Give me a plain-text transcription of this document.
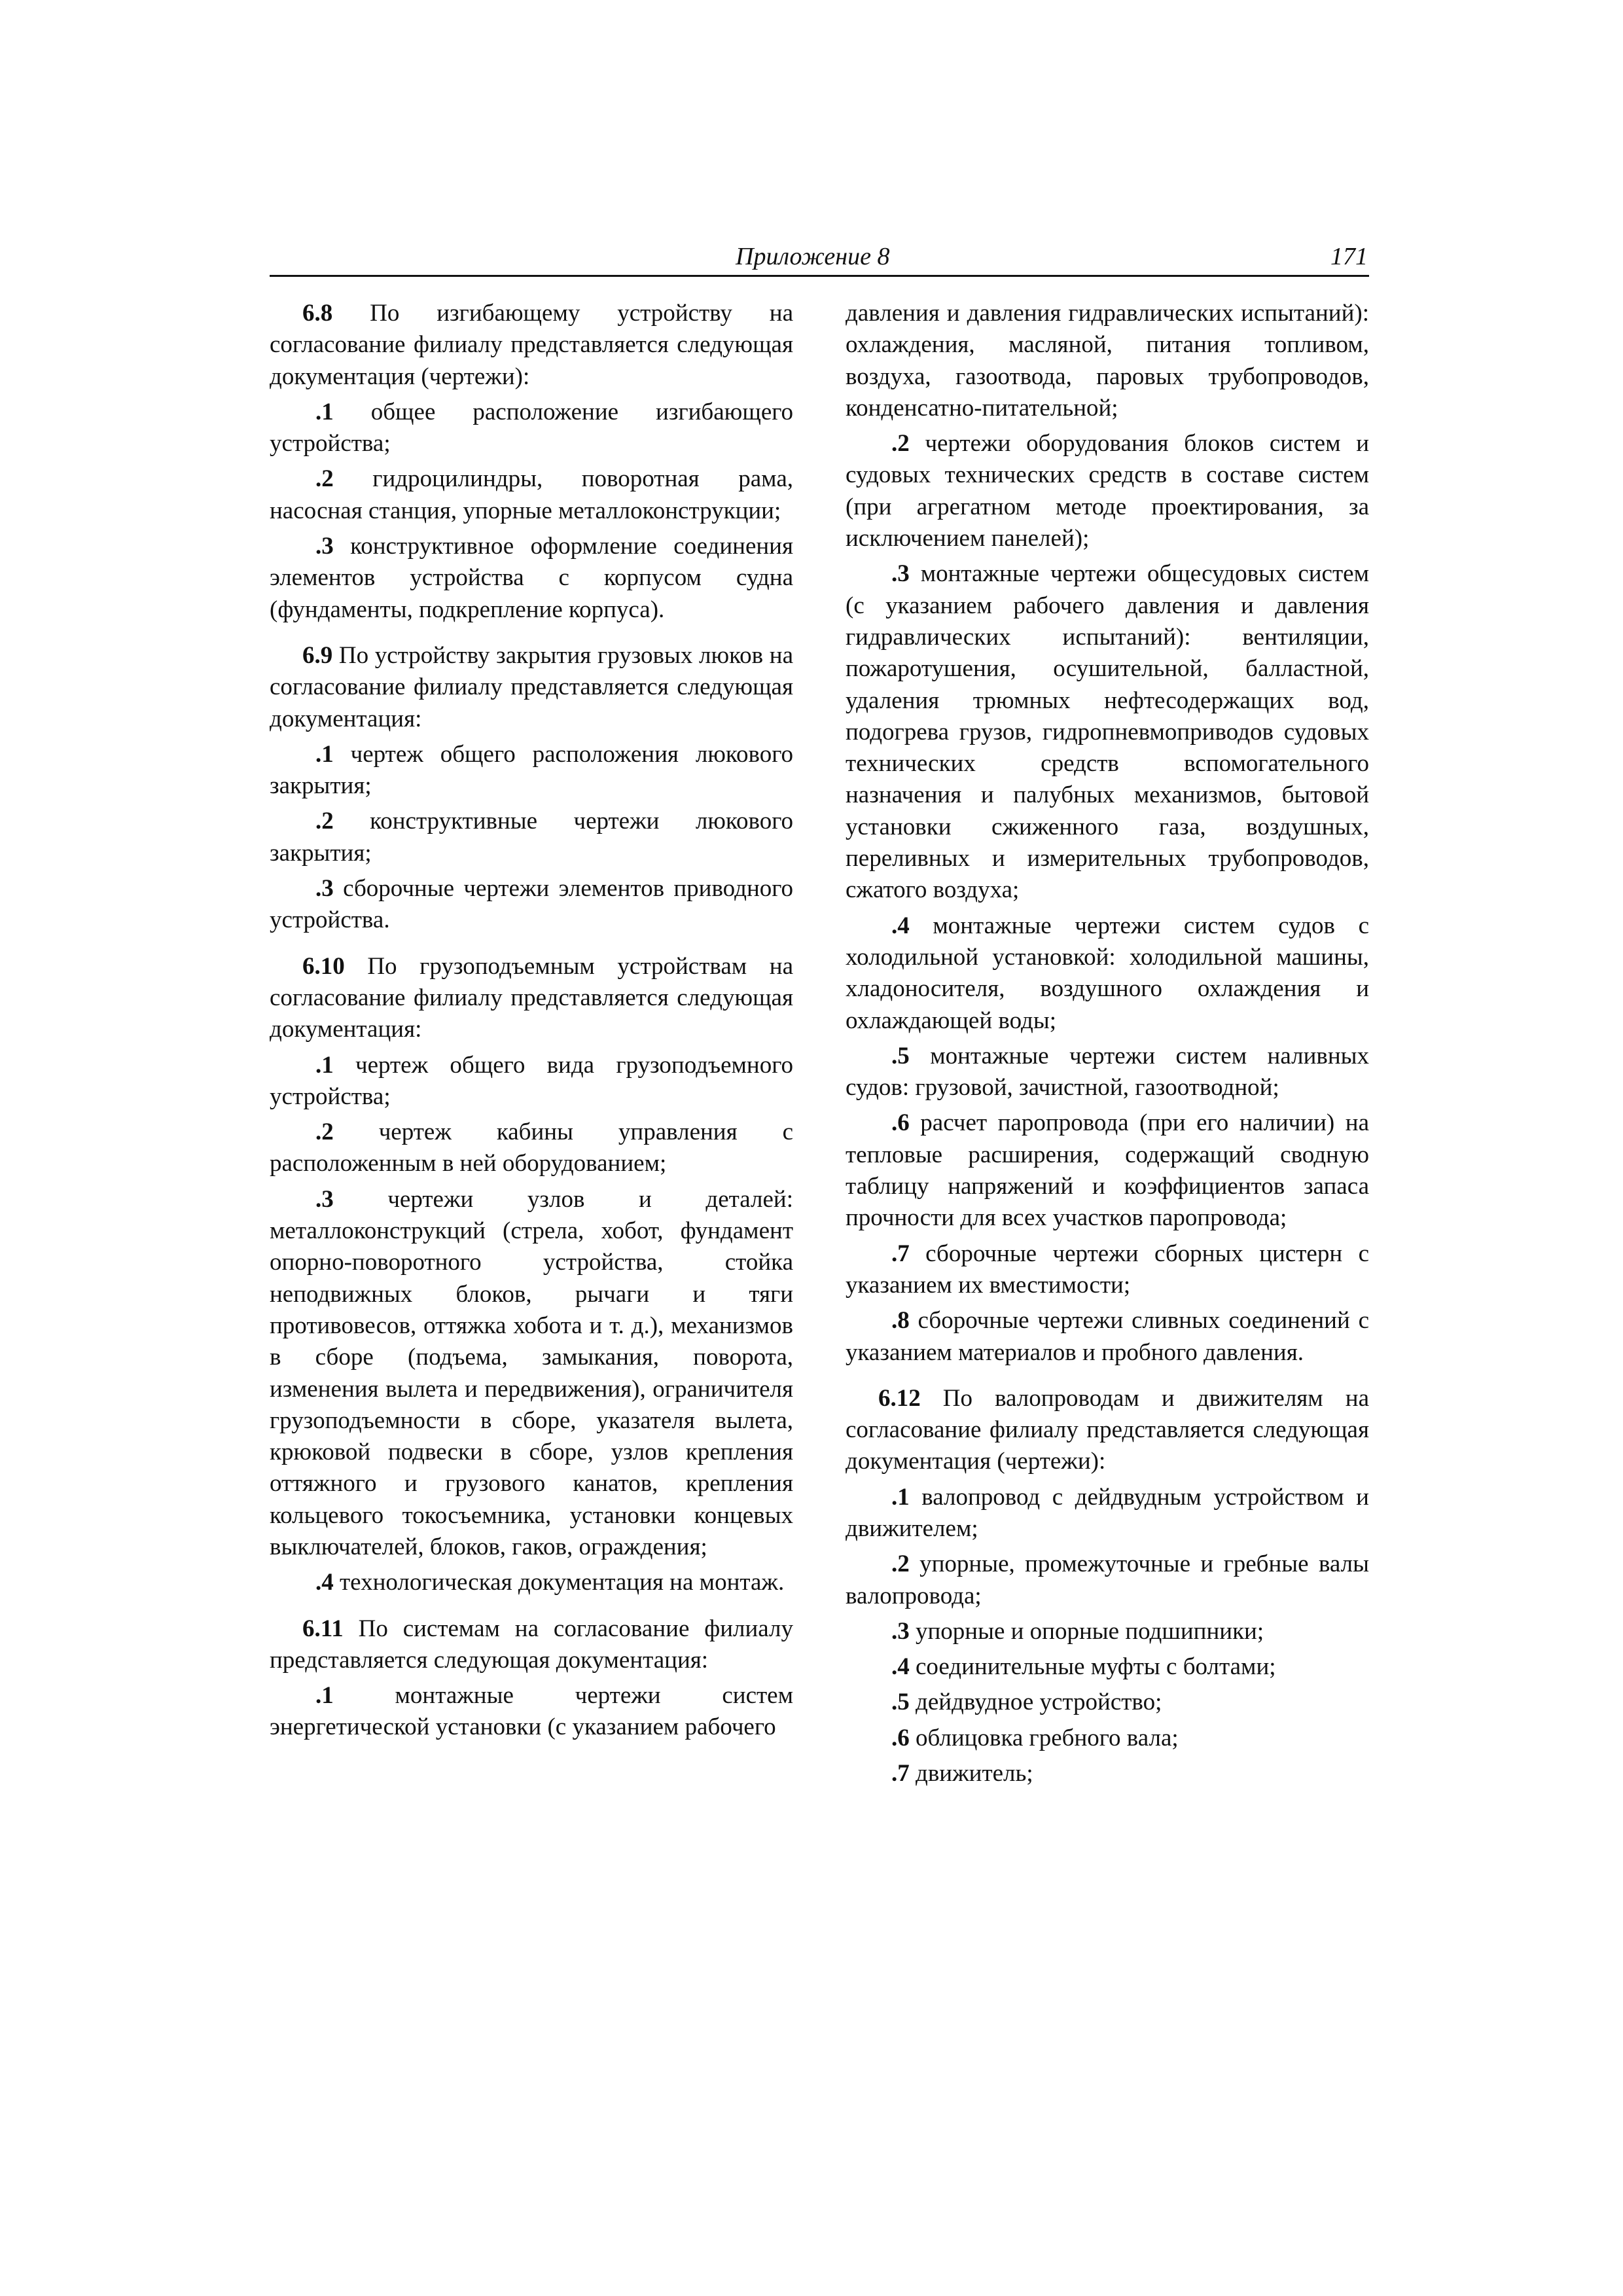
Приложение 8	171

6.8 По изгибающему устройству на согласование филиалу представляется следующая документация (чертежи):

.1 общее расположение изгибающего устройства;

.2 гидроцилиндры, поворотная рама, насосная станция, упорные металлоконструкции;

.3 конструктивное оформление соединения элементов устройства с корпусом судна (фундаменты, подкрепление корпуса).

6.9 По устройству закрытия грузовых люков на согласование филиалу представляется следующая документация:

.1 чертеж общего расположения люкового закрытия;

.2 конструктивные чертежи люкового закрытия;

.3 сборочные чертежи элементов приводного устройства.

6.10 По грузоподъемным устройствам на согласование филиалу представляется следующая документация:

.1 чертеж общего вида грузоподъемного устройства;

.2 чертеж кабины управления с расположенным в ней оборудованием;

.3 чертежи узлов и деталей: металлоконструкций (стрела, хобот, фундамент опорно-поворотного устройства, стойка неподвижных блоков, рычаги и тяги противовесов, оттяжка хобота и т. д.), механизмов в сборе (подъема, замыкания, поворота, изменения вылета и передвижения), ограничителя грузоподъемности в сборе, указателя вылета, крюковой подвески в сборе, узлов крепления оттяжного и грузового канатов, крепления кольцевого токосъемника, установки концевых выключателей, блоков, гаков, ограждения;

.4 технологическая документация на монтаж.

6.11 По системам на согласование филиалу представляется следующая документация:

.1 монтажные чертежи систем энергетической установки (с указанием рабочего

давления и давления гидравлических испытаний): охлаждения, масляной, питания топливом, воздуха, газоотвода, паровых трубопроводов, конденсатно-питательной;

.2 чертежи оборудования блоков систем и судовых технических средств в составе систем (при агрегатном методе проектирования, за исключением панелей);

.3 монтажные чертежи общесудовых систем (с указанием рабочего давления и давления гидравлических испытаний): вентиляции, пожаротушения, осушительной, балластной, удаления трюмных нефтесодержащих вод, подогрева грузов, гидропневмоприводов судовых технических средств вспомогательного назначения и палубных механизмов, бытовой установки сжиженного газа, воздушных, переливных и измерительных трубопроводов, сжатого воздуха;

.4 монтажные чертежи систем судов с холодильной установкой: холодильной машины, хладоносителя, воздушного охлаждения и охлаждающей воды;

.5 монтажные чертежи систем наливных судов: грузовой, зачистной, газоотводной;

.6 расчет паропровода (при его наличии) на тепловые расширения, содержащий сводную таблицу напряжений и коэффициентов запаса прочности для всех участков паропровода;

.7 сборочные чертежи сборных цистерн с указанием их вместимости;

.8 сборочные чертежи сливных соединений с указанием материалов и пробного давления.

6.12 По валопроводам и движителям на согласование филиалу представляется следующая документация (чертежи):

.1 валопровод с дейдвудным устройством и движителем;

.2 упорные, промежуточные и гребные валы валопровода;

.3 упорные и опорные подшипники;

.4 соединительные муфты с болтами;

.5 дейдвудное устройство;

.6 облицовка гребного вала;

.7 движитель;
